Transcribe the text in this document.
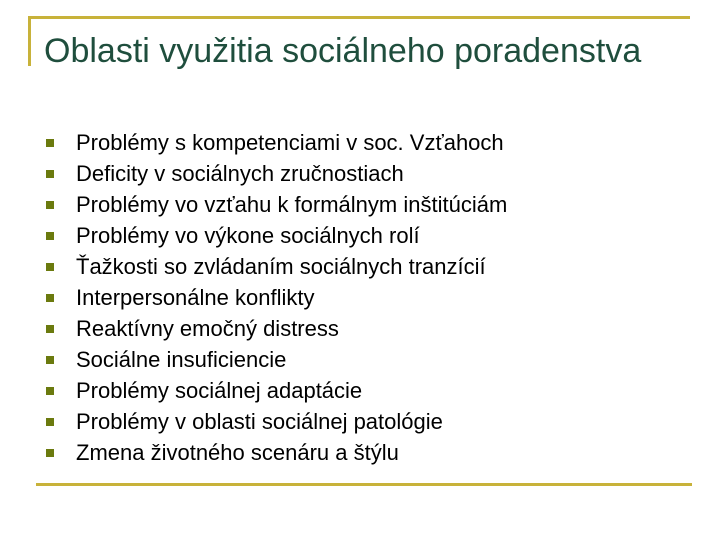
Oblasti využitia sociálneho poradenstva
Problémy s kompetenciami v soc. Vzťahoch
Deficity v sociálnych zručnostiach
Problémy vo vzťahu k formálnym inštitúciám
Problémy vo výkone sociálnych rolí
Ťažkosti so zvládaním sociálnych tranzícií
Interpersonálne konflikty
Reaktívny emočný distress
Sociálne insuficiencie
Problémy sociálnej adaptácie
Problémy v oblasti sociálnej patológie
Zmena životného scenáru a štýlu
